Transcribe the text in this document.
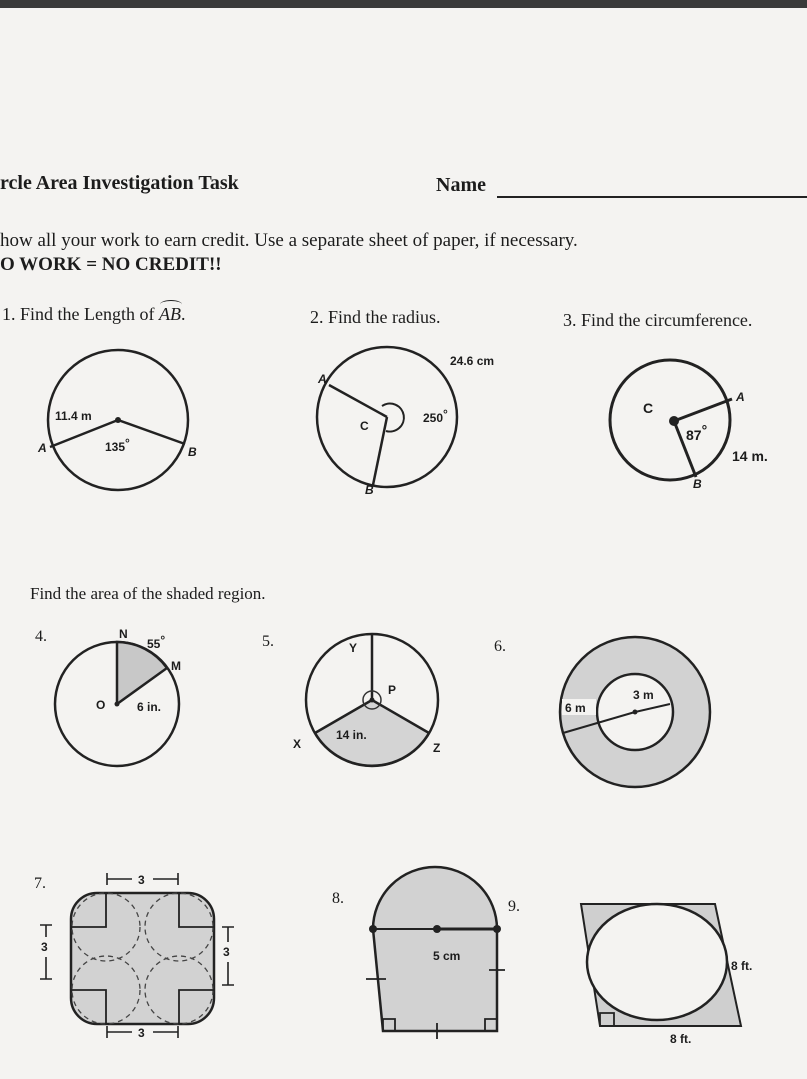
rcle Area Investigation Task	Name
how all your work to earn credit. Use a separate sheet of paper, if necessary.
O WORK = NO CREDIT!!
1. Find the Length of AB.	2. Find the radius.	3. Find the circumference.
Find the area of the shaded region.
4.	5.	6.
7.
8.	9.
11.4 m
135°
A	B
24.6 cm
250°
C
A
B
C
87°
A
B
14 m.
N
55°
M
O	6 in.
Y
P
14 in.
X	Z
6 m
3 m
3
3
3	3	5 cm
8 ft.
8 ft.
